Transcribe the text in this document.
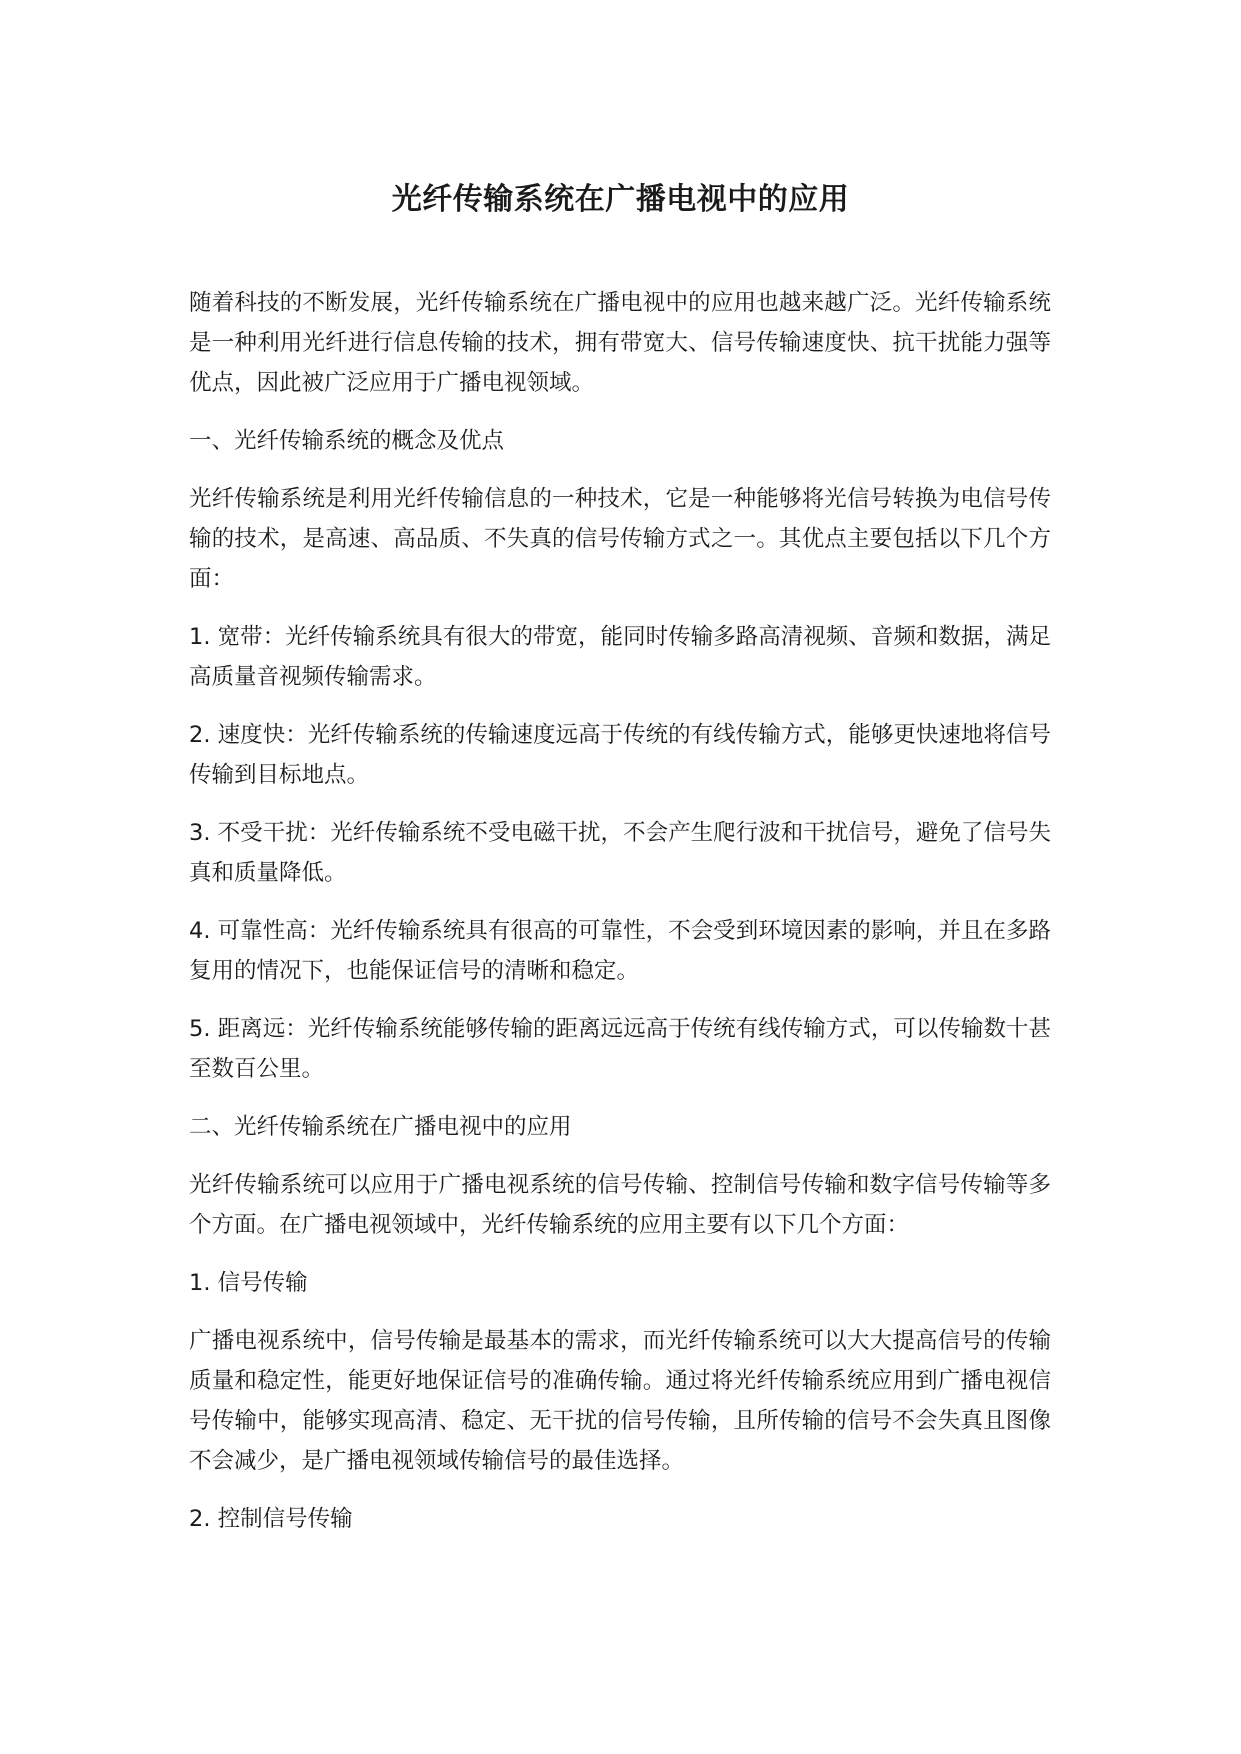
光纤传输系统在广播电视中的应用

随着科技的不断发展，光纤传输系统在广播电视中的应用也越来越广泛。光纤传输系统是一种利用光纤进行信息传输的技术，拥有带宽大、信号传输速度快、抗干扰能力强等优点，因此被广泛应用于广播电视领域。

一、光纤传输系统的概念及优点

光纤传输系统是利用光纤传输信息的一种技术，它是一种能够将光信号转换为电信号传输的技术，是高速、高品质、不失真的信号传输方式之一。其优点主要包括以下几个方面：

1. 宽带：光纤传输系统具有很大的带宽，能同时传输多路高清视频、音频和数据，满足高质量音视频传输需求。

2. 速度快：光纤传输系统的传输速度远高于传统的有线传输方式，能够更快速地将信号传输到目标地点。

3. 不受干扰：光纤传输系统不受电磁干扰，不会产生爬行波和干扰信号，避免了信号失真和质量降低。

4. 可靠性高：光纤传输系统具有很高的可靠性，不会受到环境因素的影响，并且在多路复用的情况下，也能保证信号的清晰和稳定。

5. 距离远：光纤传输系统能够传输的距离远远高于传统有线传输方式，可以传输数十甚至数百公里。

二、光纤传输系统在广播电视中的应用

光纤传输系统可以应用于广播电视系统的信号传输、控制信号传输和数字信号传输等多个方面。在广播电视领域中，光纤传输系统的应用主要有以下几个方面：

1. 信号传输

广播电视系统中，信号传输是最基本的需求，而光纤传输系统可以大大提高信号的传输质量和稳定性，能更好地保证信号的准确传输。通过将光纤传输系统应用到广播电视信号传输中，能够实现高清、稳定、无干扰的信号传输，且所传输的信号不会失真且图像不会减少，是广播电视领域传输信号的最佳选择。

2. 控制信号传输
